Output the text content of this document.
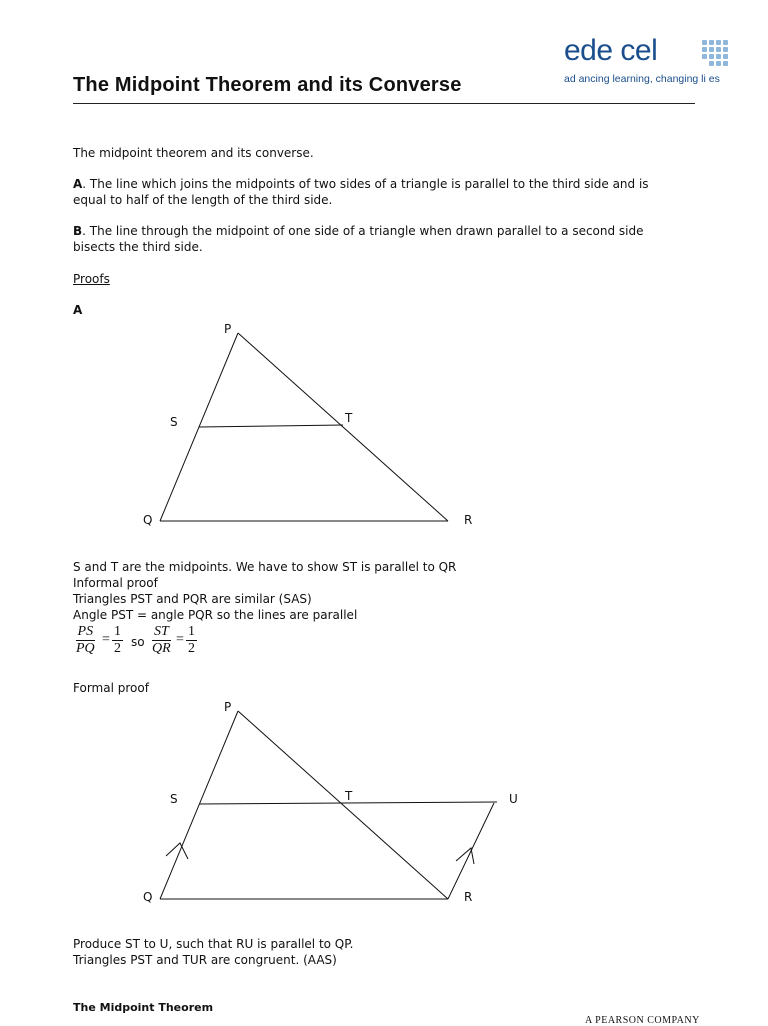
The Midpoint Theorem and its Converse
ede cel
ad ancing learning, changing li es
The midpoint theorem and its converse.
A. The line which joins the midpoints of two sides of a triangle is parallel to the third side and is
equal to half of the length of the third side.
B. The line through the midpoint of one side of a triangle when drawn parallel to a second side
bisects the third side.
Proofs
A
P
S	T
Q	R
S and T are the midpoints. We have to show ST is parallel to QR
Informal proof
Triangles PST and PQR are similar (SAS)
Angle PST = angle PQR so the lines are parallel
$\frac{PS}{PQ} = \frac{1}{2}$ so $\frac{ST}{QR} = \frac{1}{2}$
Formal proof
P
S	T	U
Q	R
Produce ST to U, such that RU is parallel to QP.
Triangles PST and TUR are congruent. (AAS)
The Midpoint Theorem
A PEARSON COMPANY
